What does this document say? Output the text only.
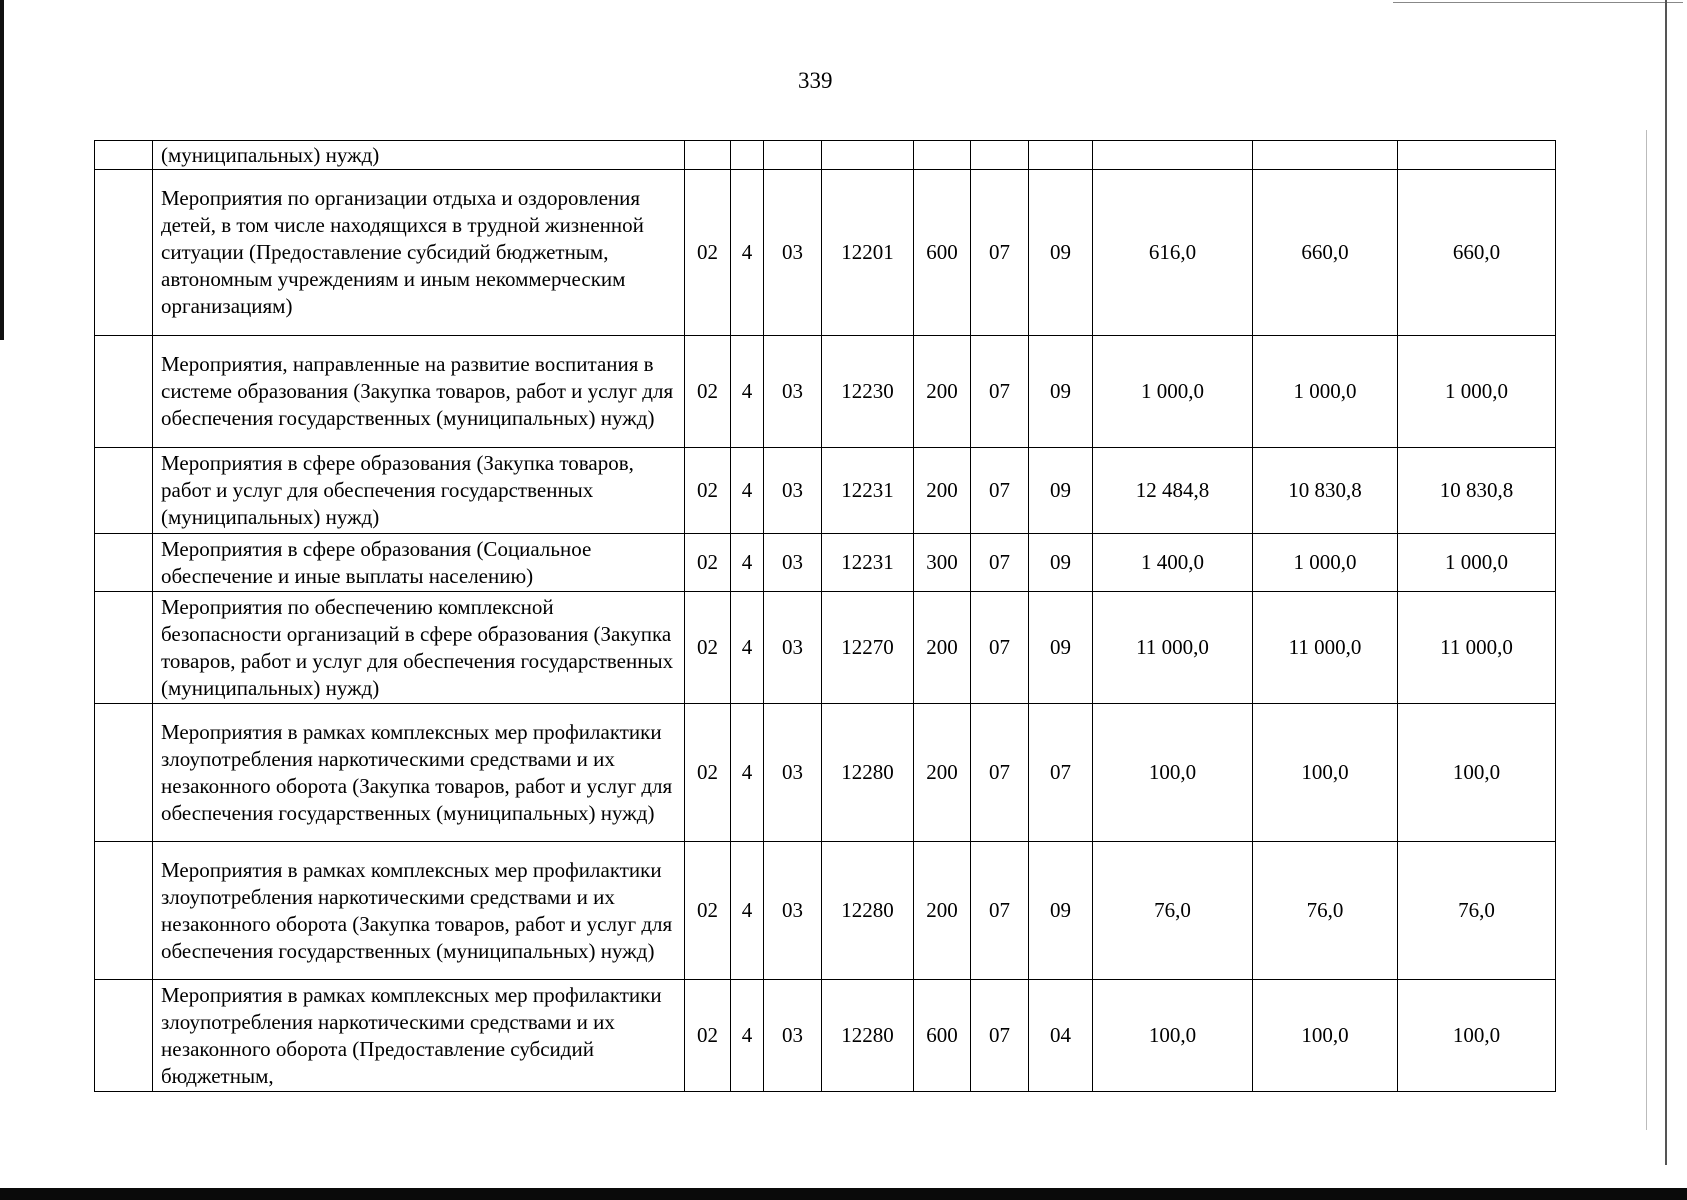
339
	(муниципальных) нужд)										
	Мероприятия по организации отдыха и оздоровления детей, в том числе находящихся в трудной жизненной ситуации (Предоставление субсидий бюджетным, автономным учреждениям и иным некоммерческим организациям)	02	4	03	12201	600	07	09	616,0	660,0	660,0
	Мероприятия, направленные на развитие воспитания в системе образования (Закупка товаров, работ и услуг для обеспечения государственных (муниципальных) нужд)	02	4	03	12230	200	07	09	1 000,0	1 000,0	1 000,0
	Мероприятия в сфере образования (Закупка товаров, работ и услуг для обеспечения государственных (муниципальных) нужд)	02	4	03	12231	200	07	09	12 484,8	10 830,8	10 830,8
	Мероприятия в сфере образования (Социальное обеспечение и иные выплаты населению)	02	4	03	12231	300	07	09	1 400,0	1 000,0	1 000,0
	Мероприятия по обеспечению комплексной безопасности организаций в сфере образования (Закупка товаров, работ и услуг для обеспечения государственных (муниципальных) нужд)	02	4	03	12270	200	07	09	11 000,0	11 000,0	11 000,0
	Мероприятия в рамках комплексных мер профилактики злоупотребления наркотическими средствами и их незаконного оборота (Закупка товаров, работ и услуг для обеспечения государственных (муниципальных) нужд)	02	4	03	12280	200	07	07	100,0	100,0	100,0
	Мероприятия в рамках комплексных мер профилактики злоупотребления наркотическими средствами и их незаконного оборота (Закупка товаров, работ и услуг для обеспечения государственных (муниципальных) нужд)	02	4	03	12280	200	07	09	76,0	76,0	76,0
	Мероприятия в рамках комплексных мер профилактики злоупотребления наркотическими средствами и их незаконного оборота (Предоставление субсидий бюджетным,	02	4	03	12280	600	07	04	100,0	100,0	100,0
